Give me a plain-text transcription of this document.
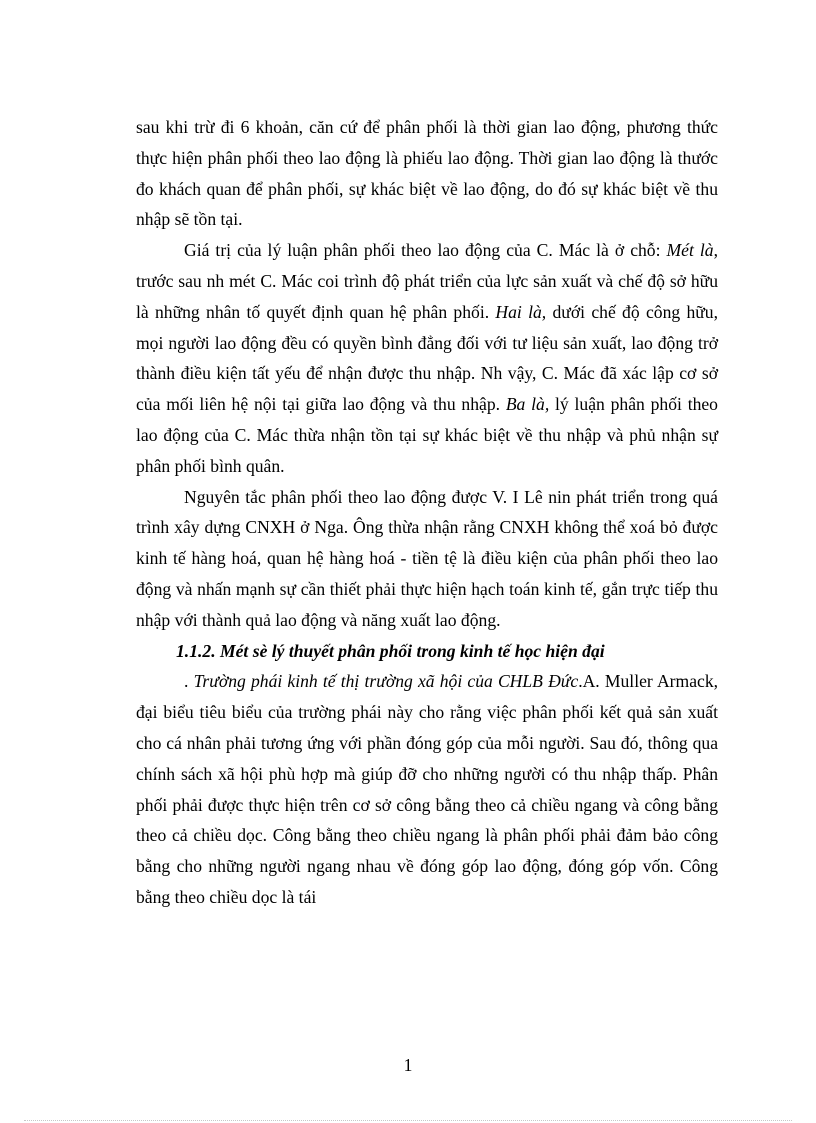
sau khi trừ đi 6 khoản, căn cứ để phân phối là thời gian lao động, phương thức thực hiện phân phối theo lao động là phiếu lao động. Thời gian lao động là thước đo khách quan để phân phối, sự khác biệt về lao động, do đó sự khác biệt về thu nhập sẽ tồn tại.

Giá trị của lý luận phân phối theo lao động của C. Mác là ở chỗ: Mét là, trước sau nh mét C. Mác coi trình độ phát triển của lực sản xuất và chế độ sở hữu là những nhân tố quyết định quan hệ phân phối. Hai là, dưới chế độ công hữu, mọi người lao động đều có quyền bình đẳng đối với tư liệu sản xuất, lao động trở thành điều kiện tất yếu để nhận được thu nhập. Nh vậy, C. Mác đã xác lập cơ sở của mối liên hệ nội tại giữa lao động và thu nhập. Ba là, lý luận phân phối theo lao động của C. Mác thừa nhận tồn tại sự khác biệt về thu nhập và phủ nhận sự phân phối bình quân.

Nguyên tắc phân phối theo lao động được V. I Lê nin phát triển trong quá trình xây dựng CNXH ở Nga. Ông thừa nhận rằng CNXH không thể xoá bỏ được kinh tế hàng hoá, quan hệ hàng hoá - tiền tệ là điều kiện của phân phối theo lao động và nhấn mạnh sự cần thiết phải thực hiện hạch toán kinh tế, gắn trực tiếp thu nhập với thành quả lao động và năng xuất lao động.

1.1.2. Mét sè lý thuyết phân phối trong kinh tế học hiện đại

. Trường phái kinh tế thị trường xã hội của CHLB Đức.A. Muller Armack, đại biểu tiêu biểu của trường phái này cho rằng việc phân phối kết quả sản xuất cho cá nhân phải tương ứng với phần đóng góp của mỗi người. Sau đó, thông qua chính sách xã hội phù hợp mà giúp đỡ cho những người có thu nhập thấp. Phân phối phải được thực hiện trên cơ sở công bằng theo cả chiều ngang và công bằng theo cả chiều dọc. Công bằng theo chiều ngang là phân phối phải đảm bảo công bằng cho những người ngang nhau về đóng góp lao động, đóng góp vốn. Công bằng theo chiều dọc là tái

1
